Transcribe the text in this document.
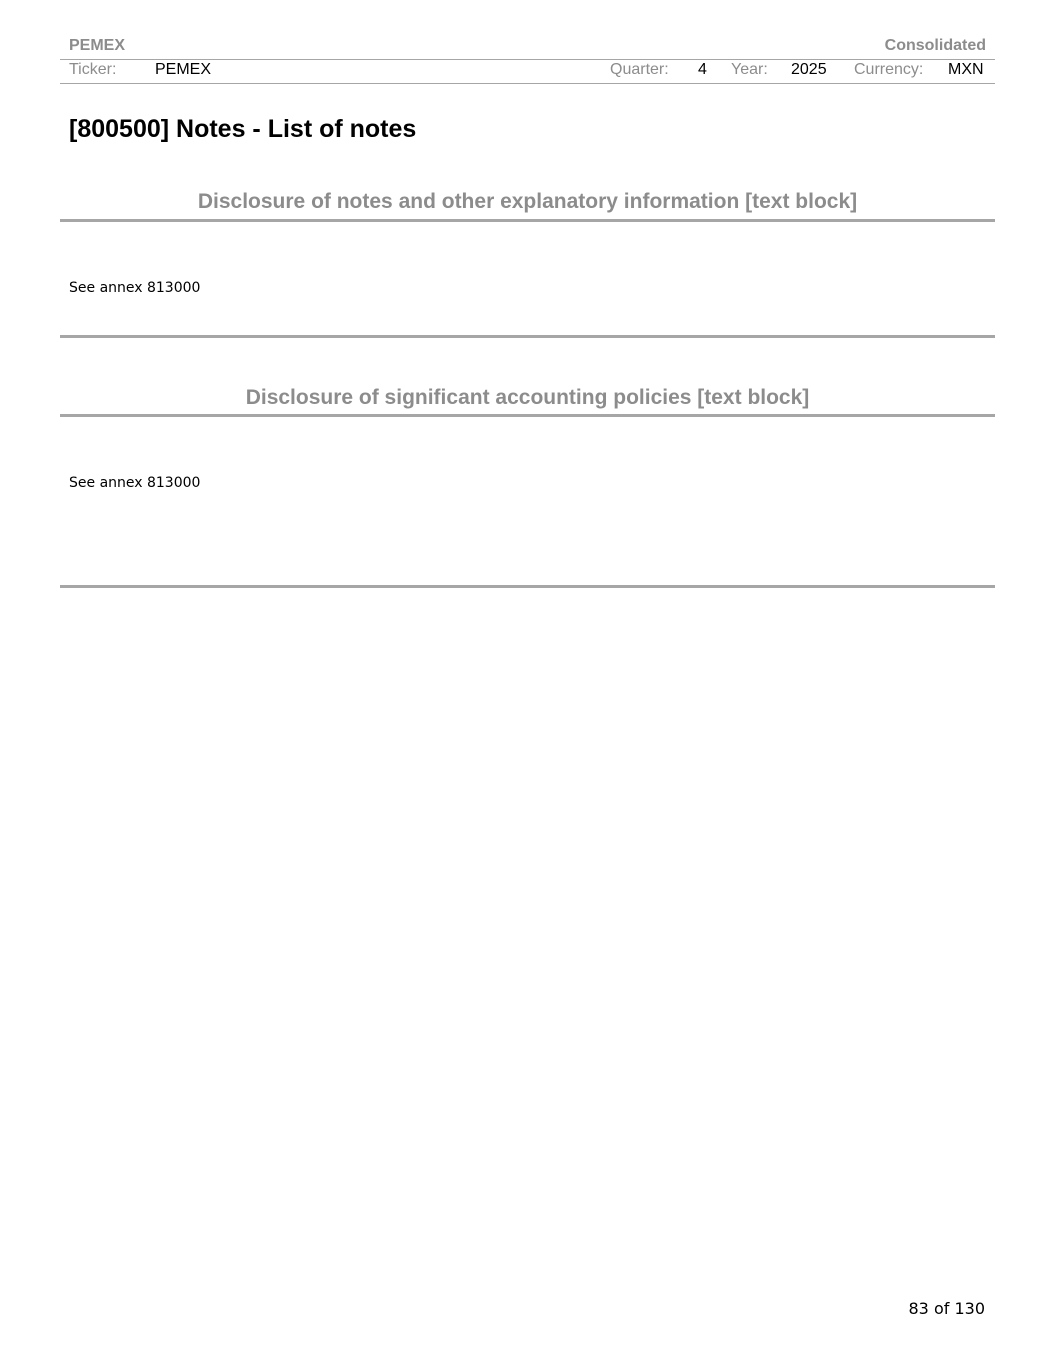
PEMEX	Consolidated
Ticker: PEMEX	Quarter: 4 Year: 2025 Currency: MXN
[800500] Notes - List of notes
Disclosure of notes and other explanatory information [text block]
See annex 813000
Disclosure of significant accounting policies [text block]
See annex 813000
83 of 130
